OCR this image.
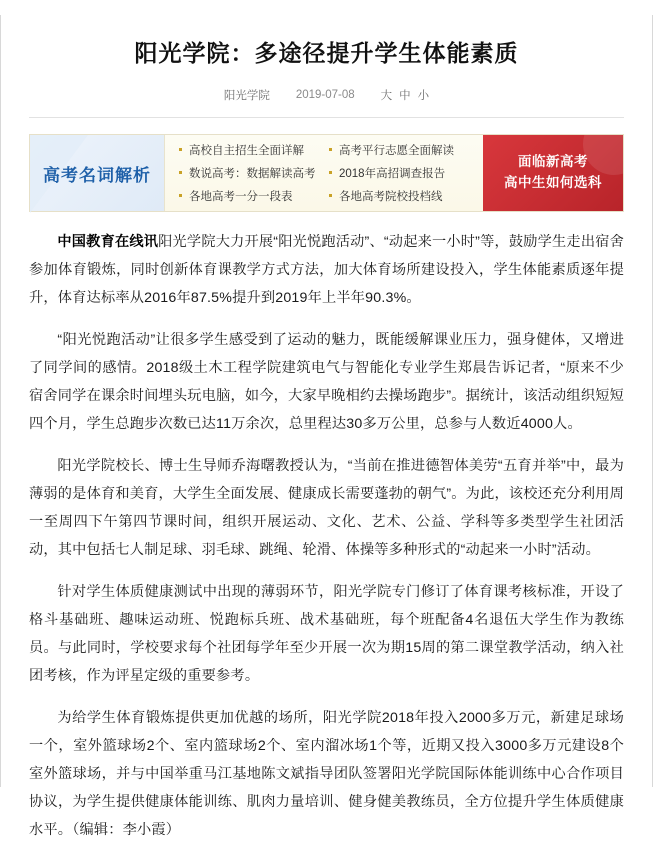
阳光学院：多途径提升学生体能素质
阳光学院 2019-07-08 大 中 小
高考名词解析
高校自主招生全面详解	高考平行志愿全面解读
数说高考：数据解读高考	2018年高招调查报告
各地高考一分一段表	各地高考院校投档线
面临新高考
高中生如何选科

中国教育在线讯阳光学院大力开展“阳光悦跑活动”、“动起来一小时”等，鼓励学生走出宿舍参加体育锻炼，同时创新体育课教学方式方法，加大体育场所建设投入，学生体能素质逐年提升，体育达标率从2016年87.5%提升到2019年上半年90.3%。

“阳光悦跑活动”让很多学生感受到了运动的魅力，既能缓解课业压力，强身健体，又增进了同学间的感情。2018级土木工程学院建筑电气与智能化专业学生郑晨告诉记者，“原来不少宿舍同学在课余时间埋头玩电脑，如今，大家早晚相约去操场跑步”。据统计，该活动组织短短四个月，学生总跑步次数已达11万余次，总里程达30多万公里，总参与人数近4000人。

阳光学院校长、博士生导师乔海曙教授认为，“当前在推进德智体美劳“五育并举”中，最为薄弱的是体育和美育，大学生全面发展、健康成长需要蓬勃的朝气”。为此，该校还充分利用周一至周四下午第四节课时间，组织开展运动、文化、艺术、公益、学科等多类型学生社团活动，其中包括七人制足球、羽毛球、跳绳、轮滑、体操等多种形式的“动起来一小时”活动。

针对学生体质健康测试中出现的薄弱环节，阳光学院专门修订了体育课考核标准，开设了格斗基础班、趣味运动班、悦跑标兵班、战术基础班，每个班配备4名退伍大学生作为教练员。与此同时，学校要求每个社团每学年至少开展一次为期15周的第二课堂教学活动，纳入社团考核，作为评星定级的重要参考。

为给学生体育锻炼提供更加优越的场所，阳光学院2018年投入2000多万元，新建足球场一个，室外篮球场2个、室内篮球场2个、室内溜冰场1个等，近期又投入3000多万元建设8个室外篮球场，并与中国举重马江基地陈文斌指导团队签署阳光学院国际体能训练中心合作项目协议，为学生提供健康体能训练、肌肉力量培训、健身健美教练员，全方位提升学生体质健康水平。（编辑：李小霞）
